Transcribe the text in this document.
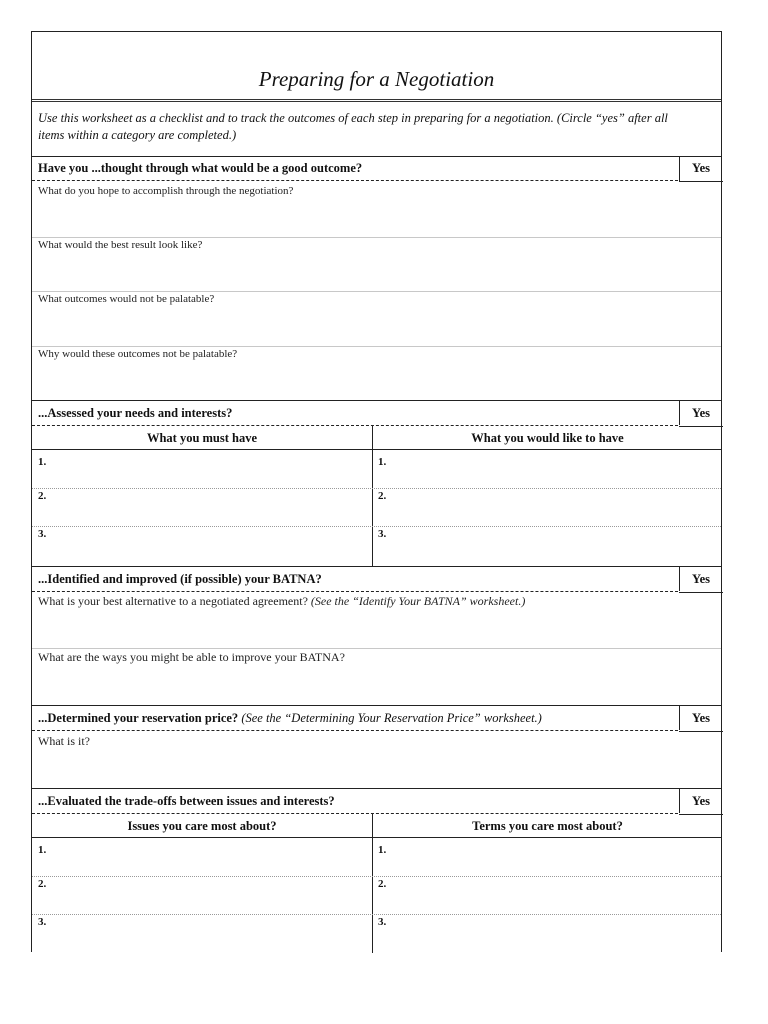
Preparing for a Negotiation
Use this worksheet as a checklist and to track the outcomes of each step in preparing for a negotiation. (Circle “yes” after all items within a category are completed.)
Have you ...thought through what would be a good outcome?	Yes
What do you hope to accomplish through the negotiation?
What would the best result look like?
What outcomes would not be palatable?
Why would these outcomes not be palatable?
...Assessed your needs and interests?	Yes
What you must have	What you would like to have
1.	1.
2.	2.
3.	3.
...Identified and improved (if possible) your BATNA?	Yes
What is your best alternative to a negotiated agreement? (See the “Identify Your BATNA” worksheet.)
What are the ways you might be able to improve your BATNA?
...Determined your reservation price? (See the “Determining Your Reservation Price” worksheet.)	Yes
What is it?
...Evaluated the trade-offs between issues and interests?	Yes
Issues you care most about?	Terms you care most about?
1.	1.
2.	2.
3.	3.
